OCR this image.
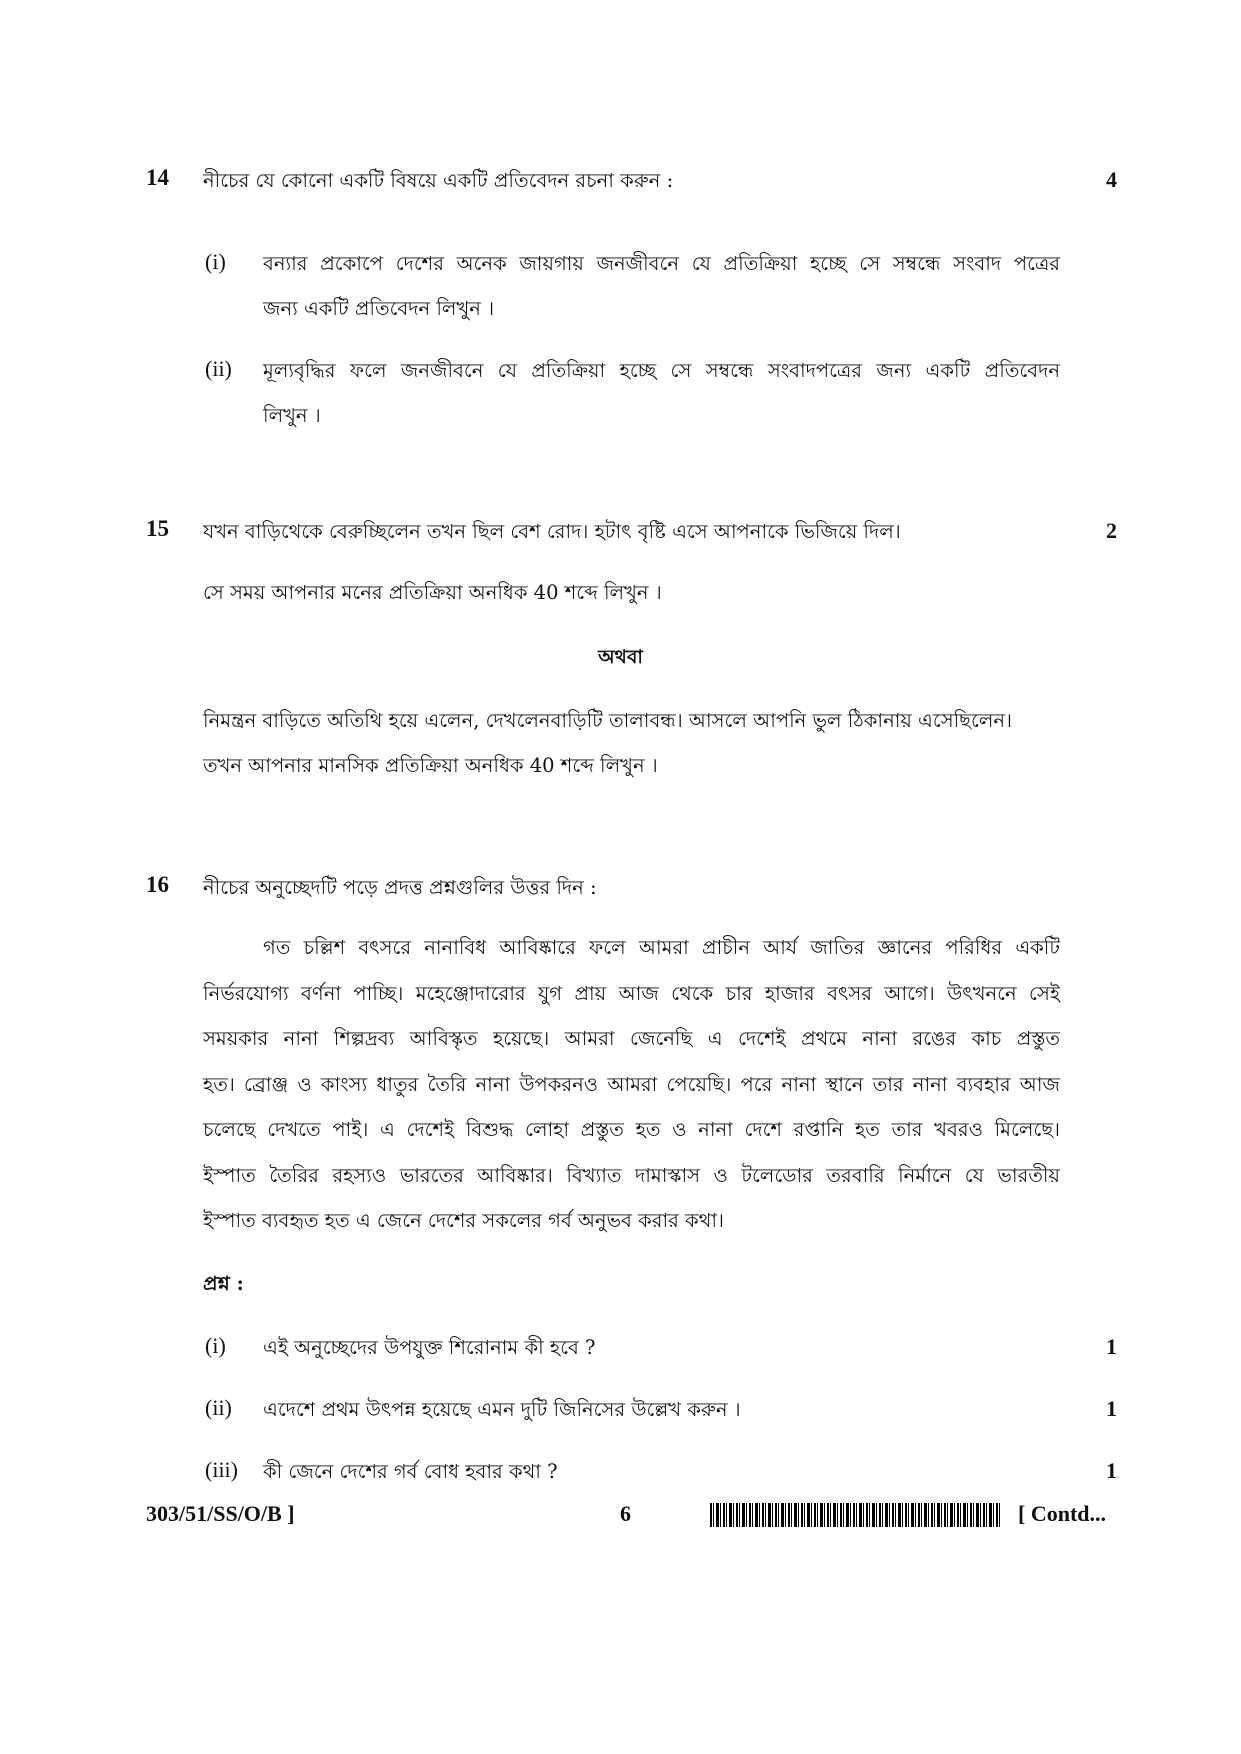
14 নীচের যে কোনো একটি বিষয়ে একটি প্রতিবেদন রচনা করুন :	4
(i) বন্যার প্রকোপে দেশের অনেক জায়গায় জনজীবনে যে প্রতিক্রিয়া হচ্ছে সে সম্বন্ধে সংবাদ পত্রের
জন্য একটি প্রতিবেদন লিখুন ।
(ii) মূল্যবৃদ্ধির ফলে জনজীবনে যে প্রতিক্রিয়া হচ্ছে সে সম্বন্ধে সংবাদপত্রের জন্য একটি প্রতিবেদন
লিখুন ।
15 যখন বাড়িথেকে বেরুচ্ছিলেন তখন ছিল বেশ রোদ। হটাৎ বৃষ্টি এসে আপনাকে ভিজিয়ে দিল।	2
সে সময় আপনার মনের প্রতিক্রিয়া অনধিক 40 শব্দে লিখুন ।
অথবা
নিমন্ত্রন বাড়িতে অতিথি হয়ে এলেন, দেখলেনবাড়িটি তালাবন্ধ। আসলে আপনি ভুল ঠিকানায় এসেছিলেন।
তখন আপনার মানসিক প্রতিক্রিয়া অনধিক 40 শব্দে লিখুন ।
16 নীচের অনুচ্ছেদটি পড়ে প্রদত্ত প্রশ্নগুলির উত্তর দিন :
গত চল্লিশ বৎসরে নানাবিধ আবিষ্কারে ফলে আমরা প্রাচীন আর্য জাতির জ্ঞানের পরিধির একটি
নির্ভরযোগ্য বর্ণনা পাচ্ছি। মহেঞ্জোদারোর যুগ প্রায় আজ থেকে চার হাজার বৎসর আগে। উৎখননে সেই
সময়কার নানা শিল্পদ্রব্য আবিস্কৃত হয়েছে। আমরা জেনেছি এ দেশেই প্রথমে নানা রঙের কাচ প্রস্তুত
হত। ব্রোঞ্জ ও কাংস্য ধাতুর তৈরি নানা উপকরনও আমরা পেয়েছি। পরে নানা স্থানে তার নানা ব্যবহার আজ
চলেছে দেখতে পাই। এ দেশেই বিশুদ্ধ লোহা প্রস্তুত হত ও নানা দেশে রপ্তানি হত তার খবরও মিলেছে।
ইস্পাত তৈরির রহস্যও ভারতের আবিষ্কার। বিখ্যাত দামাস্কাস ও টলেডোর তরবারি নির্মানে যে ভারতীয়
ইস্পাত ব্যবহৃত হত এ জেনে দেশের সকলের গর্ব অনুভব করার কথা।
প্রশ্ন :
(i) এই অনুচ্ছেদের উপযুক্ত শিরোনাম কী হবে ?	1
(ii) এদেশে প্রথম উৎপন্ন হয়েছে এমন দুটি জিনিসের উল্লেখ করুন ।	1
(iii) কী জেনে দেশের গর্ব বোধ হবার কথা ?	1
303/51/SS/O/B ]	6	[ Contd...
